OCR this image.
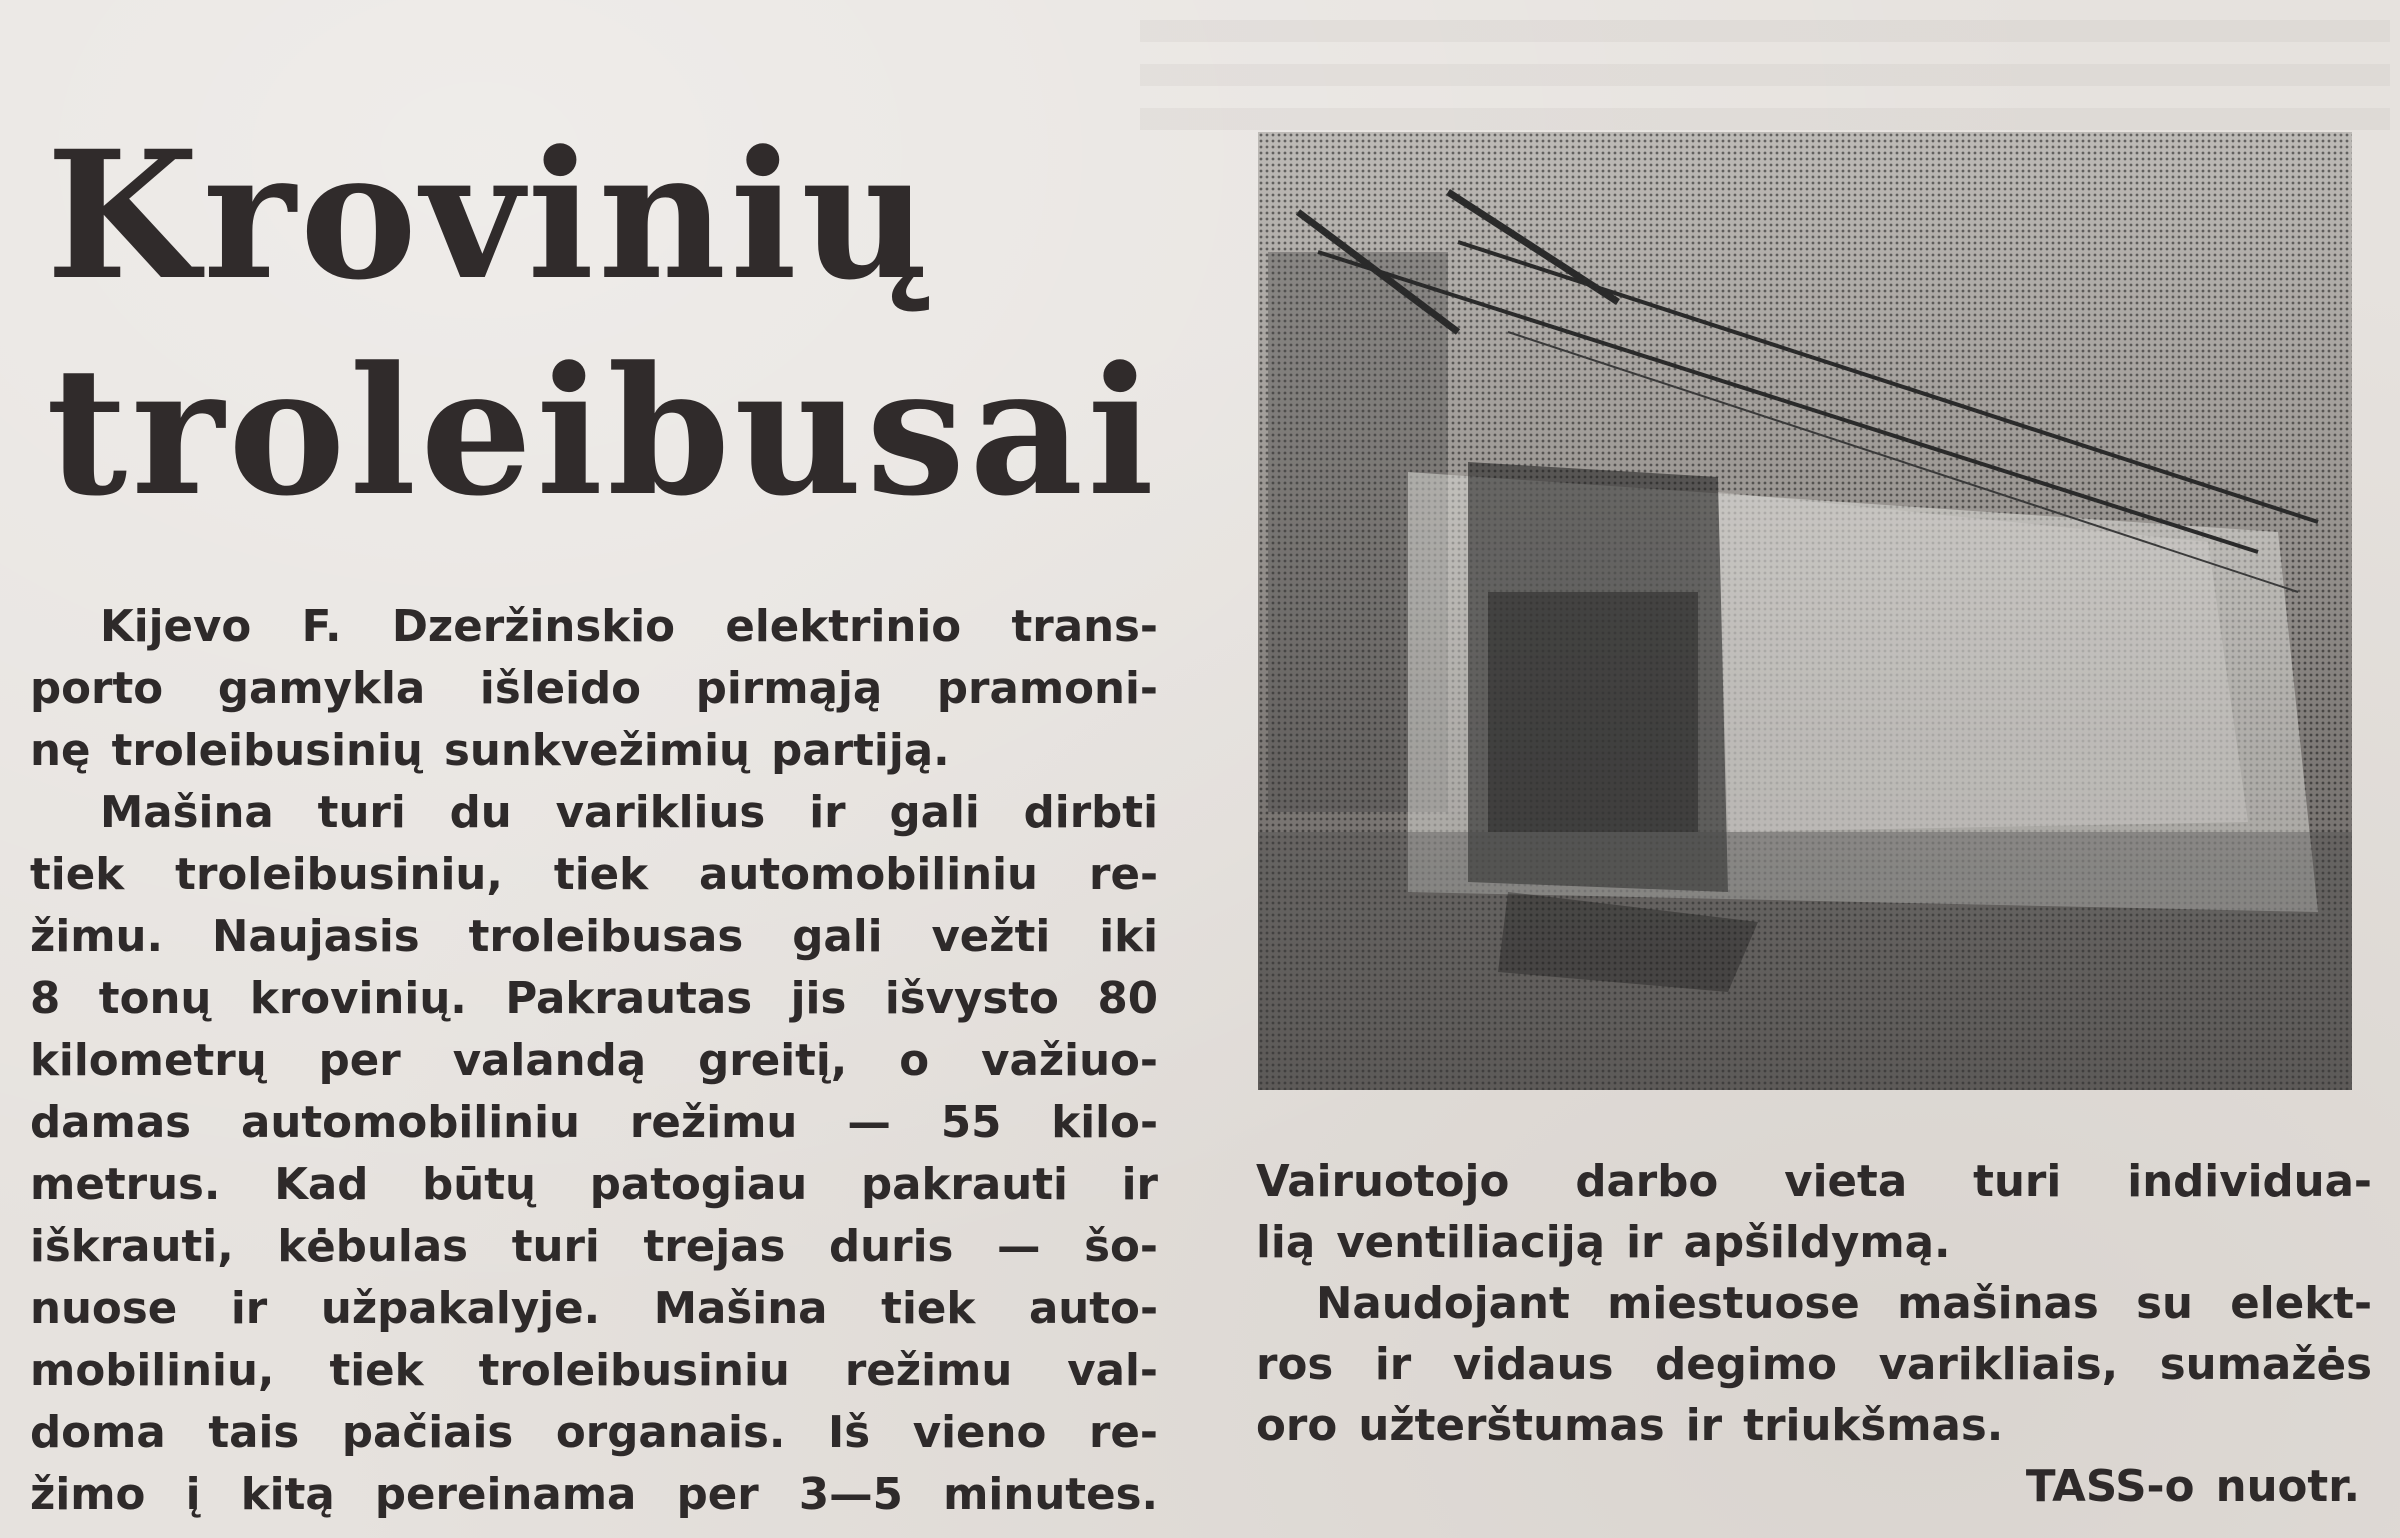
Krovinių
troleibusai
Kijevo F. Dzeržinskio elektrinio trans-
porto gamykla išleido pirmąją pramoni-
nę troleibusinių sunkvežimių partiją.
Mašina turi du variklius ir gali dirbti
tiek troleibusiniu, tiek automobiliniu re-
žimu. Naujasis troleibusas gali vežti iki
8 tonų krovinių. Pakrautas jis išvysto 80
kilometrų per valandą greitį, o važiuo-
damas automobiliniu režimu — 55 kilo-
metrus. Kad būtų patogiau pakrauti ir
iškrauti, kėbulas turi trejas duris — šo-
nuose ir užpakalyje. Mašina tiek auto-
mobiliniu, tiek troleibusiniu režimu val-
doma tais pačiais organais. Iš vieno re-
žimo į kitą pereinama per 3—5 minutes.
Vairuotojo darbo vieta turi individua-
lią ventiliaciją ir apšildymą.
Naudojant miestuose mašinas su elekt-
ros ir vidaus degimo varikliais, sumažės
oro užterštumas ir triukšmas.
TASS-o nuotr.
